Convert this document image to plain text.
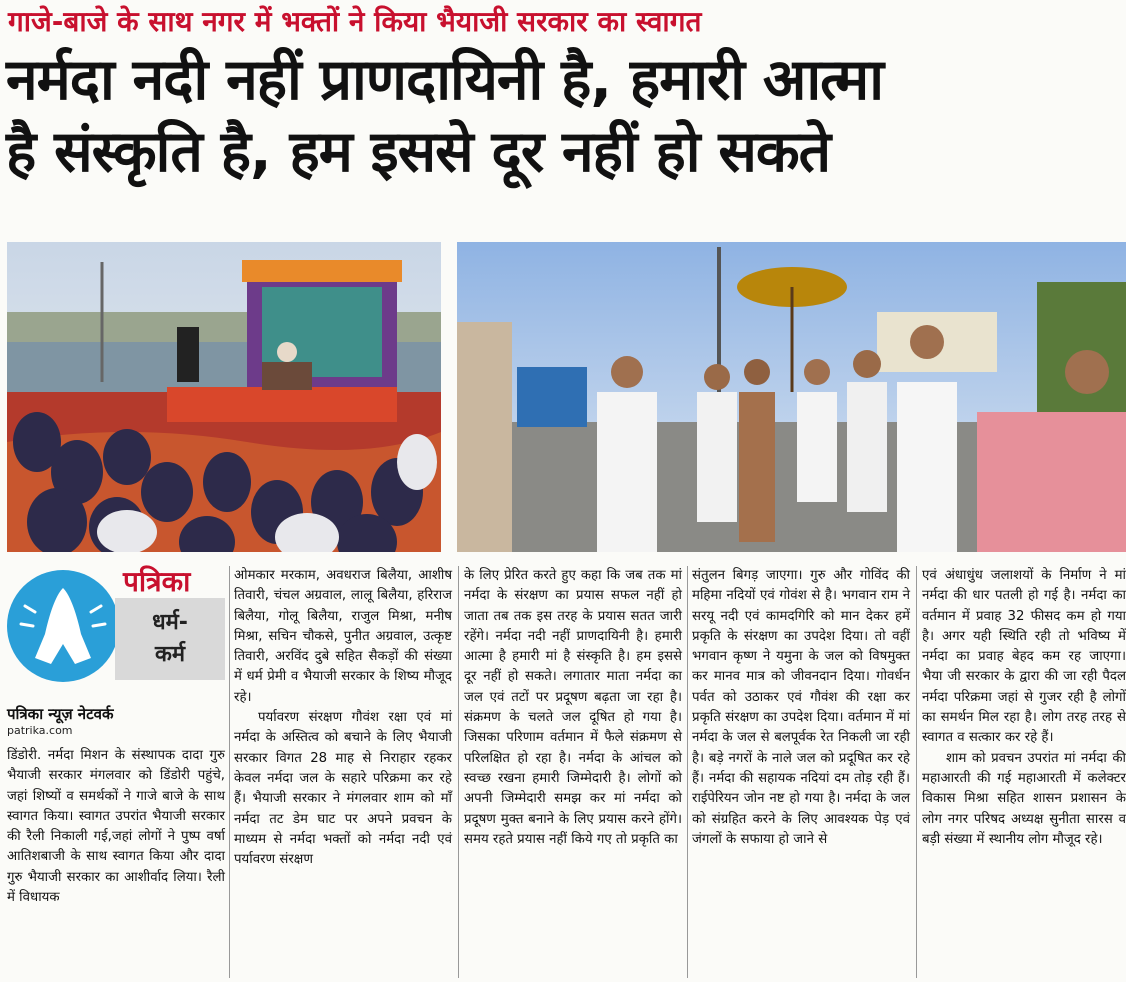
गाजे-बाजे के साथ नगर में भक्तों ने किया भैयाजी सरकार का स्वागत
नर्मदा नदी नहीं प्राणदायिनी है, हमारी आत्मा
है संस्कृति है, हम इससे दूर नहीं हो सकते
पत्रिका
धर्म-
कर्म
पत्रिका न्यूज़ नेटवर्क
patrika.com

डिंडोरी. नर्मदा मिशन के संस्थापक दादा गुरु भैयाजी सरकार मंगलवार को डिंडोरी पहुंचे, जहां शिष्यों व समर्थकों ने गाजे बाजे के साथ स्वागत किया। स्वागत उपरांत भैयाजी सरकार की रैली निकाली गई,जहां लोगों ने पुष्प वर्षा आतिशबाजी के साथ स्वागत किया और दादा गुरु भैयाजी सरकार का आशीर्वाद लिया। रैली में विधायक

ओमकार मरकाम, अवधराज बिलैया, आशीष तिवारी, चंचल अग्रवाल, लालू बिलैया, हरिराज बिलैया, गोलू बिलैया, राजुल मिश्रा, मनीष मिश्रा, सचिन चौकसे, पुनीत अग्रवाल, उत्कृष्ट तिवारी, अरविंद दुबे सहित सैकड़ों की संख्या में धर्म प्रेमी व भैयाजी सरकार के शिष्य मौजूद रहे।

पर्यावरण संरक्षण गौवंश रक्षा एवं मां नर्मदा के अस्तित्व को बचाने के लिए भैयाजी सरकार विगत 28 माह से निराहार रहकर केवल नर्मदा जल के सहारे परिक्रमा कर रहे हैं। भैयाजी सरकार ने मंगलवार शाम को माँ नर्मदा तट डेम घाट पर अपने प्रवचन के माध्यम से नर्मदा भक्तों को नर्मदा नदी एवं पर्यावरण संरक्षण

के लिए प्रेरित करते हुए कहा कि जब तक मां नर्मदा के संरक्षण का प्रयास सफल नहीं हो जाता तब तक इस तरह के प्रयास सतत जारी रहेंगे। नर्मदा नदी नहीं प्राणदायिनी है। हमारी आत्मा है हमारी मां है संस्कृति है। हम इससे दूर नहीं हो सकते। लगातार माता नर्मदा का जल एवं तटों पर प्रदूषण बढ़ता जा रहा है। संक्रमण के चलते जल दूषित हो गया है। जिसका परिणाम वर्तमान में फैले संक्रमण से परिलक्षित हो रहा है। नर्मदा के आंचल को स्वच्छ रखना हमारी जिम्मेदारी है। लोगों को अपनी जिम्मेदारी समझ कर मां नर्मदा को प्रदूषण मुक्त बनाने के लिए प्रयास करने होंगे। समय रहते प्रयास नहीं किये गए तो प्रकृति का

संतुलन बिगड़ जाएगा। गुरु और गोविंद की महिमा नदियों एवं गोवंश से है। भगवान राम ने सरयू नदी एवं कामदगिरि को मान देकर हमें प्रकृति के संरक्षण का उपदेश दिया। तो वहीं भगवान कृष्ण ने यमुना के जल को विषमुक्त कर मानव मात्र को जीवनदान दिया। गोवर्धन पर्वत को उठाकर एवं गौवंश की रक्षा कर प्रकृति संरक्षण का उपदेश दिया। वर्तमान में मां नर्मदा के जल से बलपूर्वक रेत निकली जा रही है। बड़े नगरों के नाले जल को प्रदूषित कर रहे हैं। नर्मदा की सहायक नदियां दम तोड़ रही हैं। राईपेरियन जोन नष्ट हो गया है। नर्मदा के जल को संग्रहित करने के लिए आवश्यक पेड़ एवं जंगलों के सफाया हो जाने से

एवं अंधाधुंध जलाशयों के निर्माण ने मां नर्मदा की धार पतली हो गई है। नर्मदा का वर्तमान में प्रवाह 32 फीसद कम हो गया है। अगर यही स्थिति रही तो भविष्य में नर्मदा का प्रवाह बेहद कम रह जाएगा। भैया जी सरकार के द्वारा की जा रही पैदल नर्मदा परिक्रमा जहां से गुजर रही है लोगों का समर्थन मिल रहा है। लोग तरह तरह से स्वागत व सत्कार कर रहे हैं।

शाम को प्रवचन उपरांत मां नर्मदा की महाआरती की गई महाआरती में कलेक्टर विकास मिश्रा सहित शासन प्रशासन के लोग नगर परिषद अध्यक्ष सुनीता सारस व बड़ी संख्या में स्थानीय लोग मौजूद रहे।
